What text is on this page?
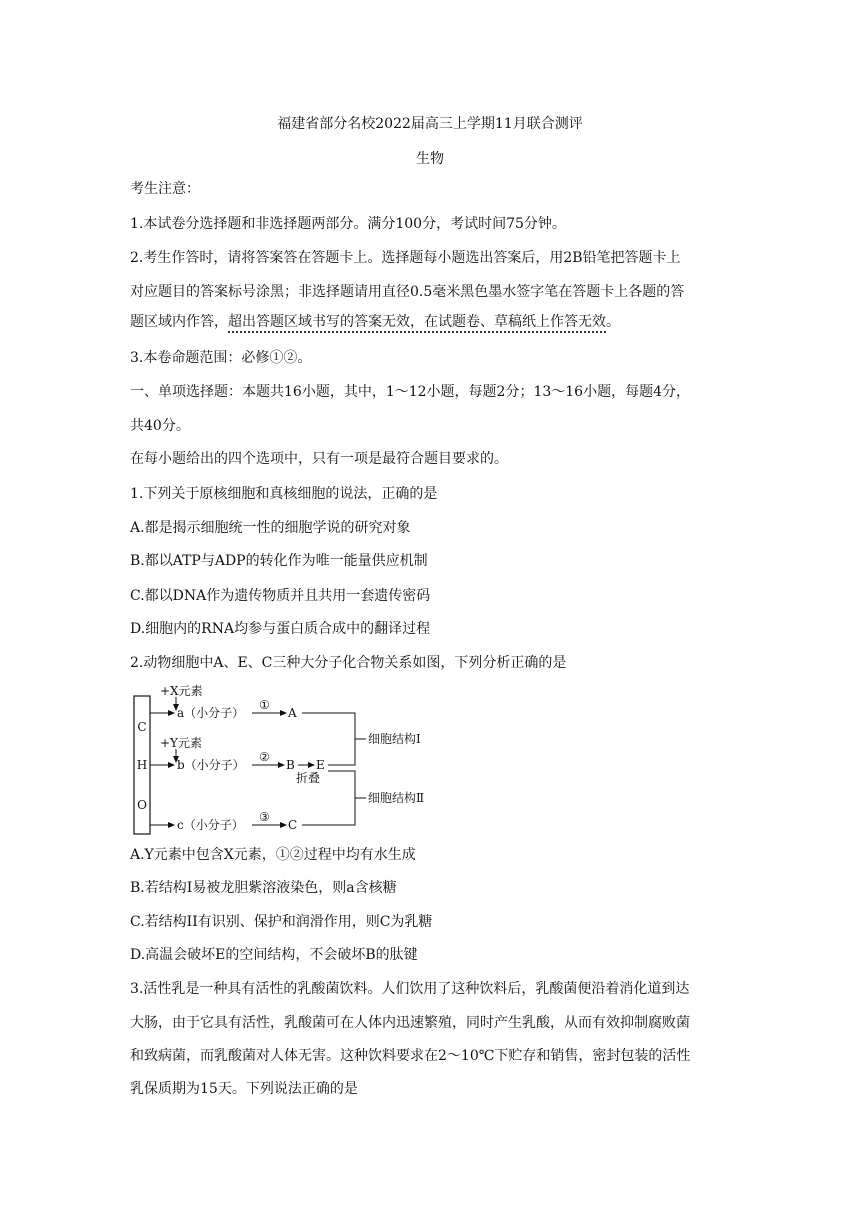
福建省部分名校2022届高三上学期11月联合测评
生物
考生注意：
1.本试卷分选择题和非选择题两部分。满分100分，考试时间75分钟。
2.考生作答时，请将答案答在答题卡上。选择题每小题选出答案后，用2B铅笔把答题卡上
对应题目的答案标号涂黑；非选择题请用直径0.5毫米黑色墨水签字笔在答题卡上各题的答
题区域内作答，超出答题区域书写的答案无效，在试题卷、草稿纸上作答无效。
3.本卷命题范围：必修①②。
一、单项选择题：本题共16小题，其中，1～12小题，每题2分；13～16小题，每题4分，
共40分。
在每小题给出的四个选项中，只有一项是最符合题目要求的。
1.下列关于原核细胞和真核细胞的说法，正确的是
A.都是揭示细胞统一性的细胞学说的研究对象
B.都以ATP与ADP的转化作为唯一能量供应机制
C.都以DNA作为遗传物质并且共用一套遗传密码
D.细胞内的RNA均参与蛋白质合成中的翻译过程
2.动物细胞中A、E、C三种大分子化合物关系如图，下列分析正确的是
C
H
O
+X元素
a（小分子）
①
A
+Y元素
b（小分子）
②
B
折叠
E
c（小分子）
③
C
细胞结构Ⅰ
细胞结构Ⅱ
A.Y元素中包含X元素，①②过程中均有水生成
B.若结构I易被龙胆紫溶液染色，则a含核糖
C.若结构II有识别、保护和润滑作用，则C为乳糖
D.高温会破坏E的空间结构，不会破坏B的肽键
3.活性乳是一种具有活性的乳酸菌饮料。人们饮用了这种饮料后，乳酸菌便沿着消化道到达
大肠，由于它具有活性，乳酸菌可在人体内迅速繁殖，同时产生乳酸，从而有效抑制腐败菌
和致病菌，而乳酸菌对人体无害。这种饮料要求在2～10℃下贮存和销售，密封包装的活性
乳保质期为15天。下列说法正确的是
